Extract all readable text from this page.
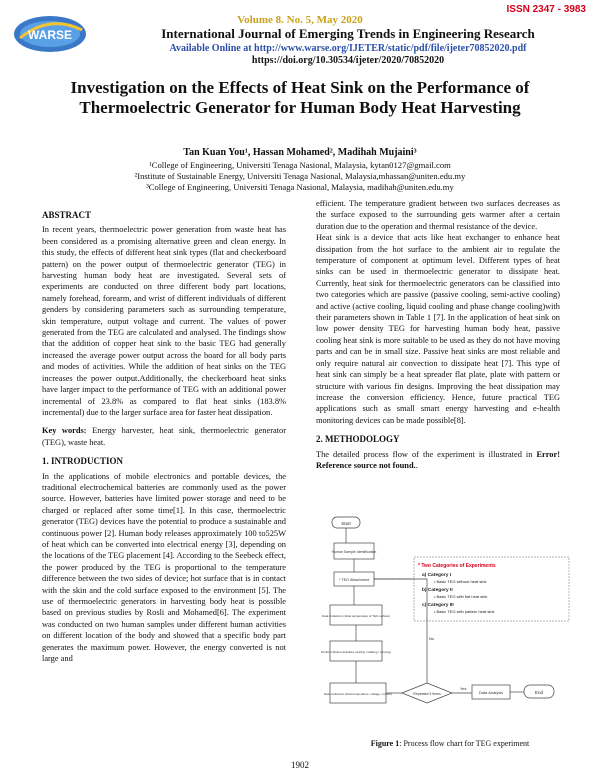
WARSE
ISSN 2347 - 3983
Volume 8. No. 5, May 2020
International Journal of Emerging Trends in Engineering Research
Available Online at http://www.warse.org/IJETER/static/pdf/file/ijeter70852020.pdf
https://doi.org/10.30534/ijeter/2020/70852020
Investigation on the Effects of Heat Sink on the Performance of Thermoelectric Generator for Human Body Heat Harvesting
Tan Kuan You¹, Hassan Mohamed², Madihah Mujaini³
¹College of Engineering, Universiti Tenaga Nasional, Malaysia, kytan0127@gmail.com
²Institute of Sustainable Energy, Universiti Tenaga Nasional, Malaysia,mhassan@uniten.edu.my
³College of Engineering, Universiti Tenaga Nasional, Malaysia, madihah@uniten.edu.my
ABSTRACT
In recent years, thermoelectric power generation from waste heat has been considered as a promising alternative green and clean energy. In this study, the effects of different heat sink types (flat and checkerboard pattern) on the power output of thermoelectric generator (TEG) in harvesting human body heat are investigated. Several sets of experiments are conducted on three different body part locations, namely forehead, forearm, and wrist of different individuals of different genders by considering parameters such as surrounding temperature, skin temperature, output voltage and current. The values of power generated from the TEG are calculated and analysed. The findings show that the addition of copper heat sink to the basic TEG had generally increased the average power output across the board for all body parts and modes of activities. While the addition of heat sinks on the TEG increases the power output.Additionally, the checkerboard heat sinks have larger impact to the performance of TEG with an additional power incremental of 23.8% as compared to flat heat sinks (183.8% incremental) due to the larger surface area for faster heat dissipation.
Key words: Energy harvester, heat sink, thermoelectric generator (TEG), waste heat.
1. INTRODUCTION
In the applications of mobile electronics and portable devices, the traditional electrochemical batteries are commonly used as the power source. However, batteries have limited power storage and need to be charged or replaced after some time[1]. In this case, thermoelectric generator (TEG) devices have the potential to produce a sustainable and continuous power [2]. Human body releases approximately 100 to525W of heat which can be converted into electrical energy [3], depending on the locations of the TEG placement [4]. According to the Seebeck effect, the power produced by the TEG is proportional to the temperature difference between the two sides of device; hot surface that is in contact with the skin and the cold surface exposed to the environment [5]. The use of thermoelectric generators in harvesting body heat is possible based on previous studies by Rosli and Mohamed[6]. The experiment was conducted on two human samples under different human activities on different location of the body and showed that a specific body part generates the maximum power. However, the energy converted is not large and
efficient. The temperature gradient between two surfaces decreases as the surface exposed to the surrounding gets warmer after a certain duration due to the operation and thermal resistance of the device.
Heat sink is a device that acts like heat exchanger to enhance heat dissipation from the hot surface to the ambient air to regulate the temperature of component at optimum level. Different types of heat sinks can be used in thermoelectric generator to dissipate heat. Currently, heat sink for thermoelectric generators can be classified into two categories which are passive (passive cooling, semi-active cooling) and active (active cooling, liquid cooling and phase change cooling)with their parameters shown in Table 1 [7]. In the application of heat sink on low power density TEG for harvesting human body heat, passive cooling heat sink is more suitable to be used as they do not have moving parts and can be in small size. Passive heat sinks are most reliable and only require natural air convection to dissipate heat [7]. This type of heat sink can simply be a heat spreader flat plate, plate with pattern or structure with various fin designs. Improving the heat dissipation may increase the conversion efficiency. Hence, future practical TEG applications such as small smart energy harvesting and e-health monitoring devices can be made possible[8].
2. METHODOLOGY
The detailed process flow of the experiment is illustrated in Error! Reference source not found..
Start
Human Sample Identification
* TEG Attachment
Data Collection (initial temperature of TEG surface)
Perform Motion Activities (resting / walking / running)
Data Collection (final temperature, voltage, current)	Repeated 3 times
Yes
No
Data Analysis	End
* Two Categories of Experiments
a) Category I
• Basic TEG without heat sink
b) Category II
• Basic TEG with flat heat sink
c) Category III
• Basic TEG with pattern heat sink
Figure 1: Process flow chart for TEG experiment
1902
